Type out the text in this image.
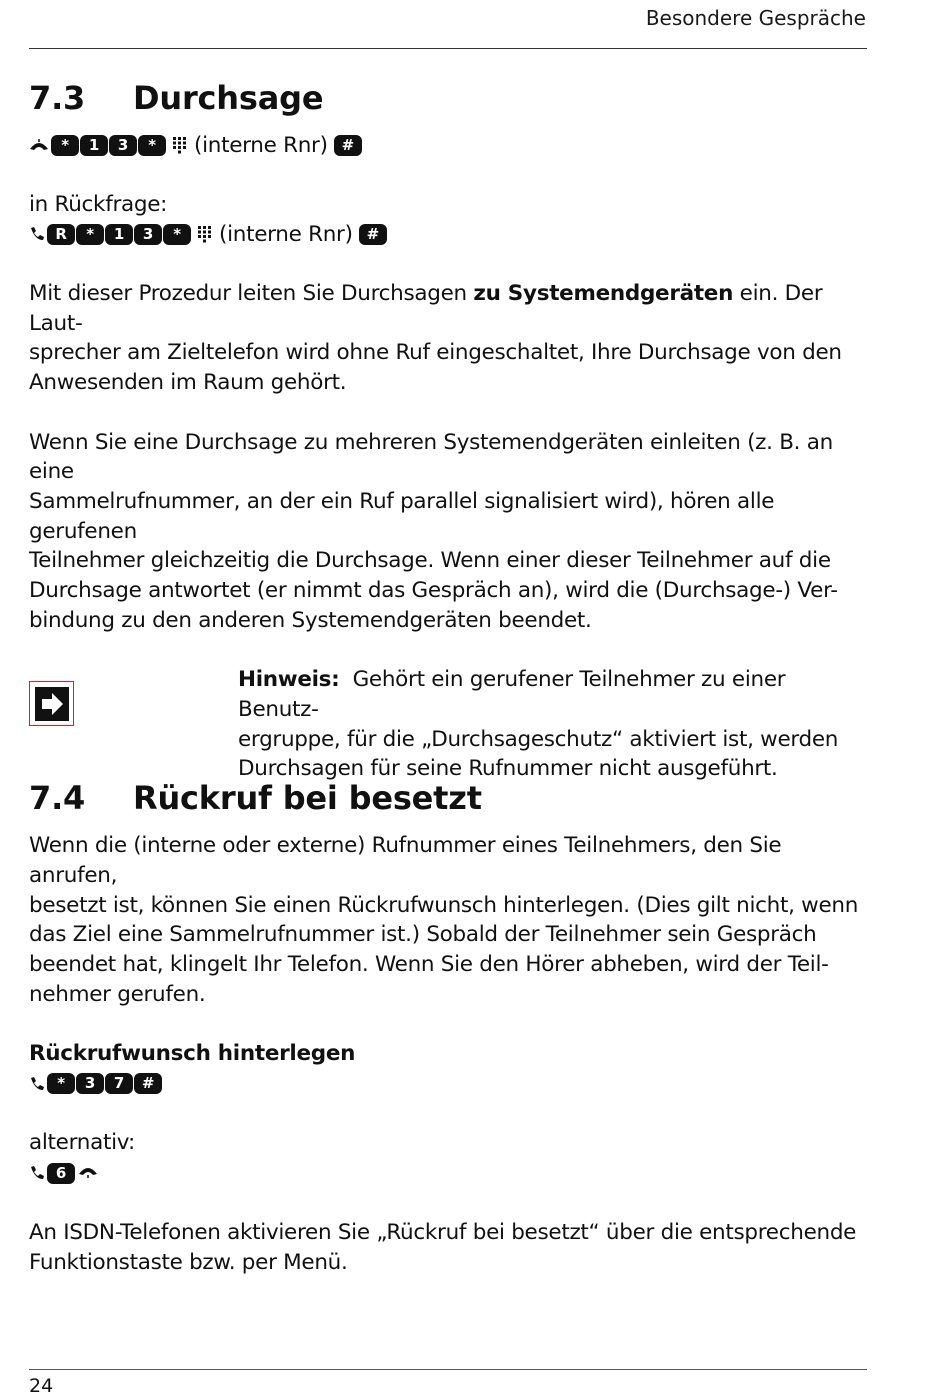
Besondere Gespräche
7.3	Durchsage
*	1	3	*	(interne Rnr) #

in Rückfrage:

R	*	1	3	*	(interne Rnr) #

Mit dieser Prozedur leiten Sie Durchsagen zu Systemendgeräten ein. Der Laut-
sprecher am Zieltelefon wird ohne Ruf eingeschaltet, Ihre Durchsage von den
Anwesenden im Raum gehört.

Wenn Sie eine Durchsage zu mehreren Systemendgeräten einleiten (z. B. an eine
Sammelrufnummer, an der ein Ruf parallel signalisiert wird), hören alle gerufenen
Teilnehmer gleichzeitig die Durchsage. Wenn einer dieser Teilnehmer auf die
Durchsage antwortet (er nimmt das Gespräch an), wird die (Durchsage-) Ver-
bindung zu den anderen Systemendgeräten beendet.

Hinweis: Gehört ein gerufener Teilnehmer zu einer Benutz-
ergruppe, für die „Durchsageschutz“ aktiviert ist, werden
Durchsagen für seine Rufnummer nicht ausgeführt.

7.4	Rückruf bei besetzt

Wenn die (interne oder externe) Rufnummer eines Teilnehmers, den Sie anrufen,
besetzt ist, können Sie einen Rückrufwunsch hinterlegen. (Dies gilt nicht, wenn
das Ziel eine Sammelrufnummer ist.) Sobald der Teilnehmer sein Gespräch
beendet hat, klingelt Ihr Telefon. Wenn Sie den Hörer abheben, wird der Teil-
nehmer gerufen.

Rückrufwunsch hinterlegen

*	3	7	#

alternativ:

6

An ISDN-Telefonen aktivieren Sie „Rückruf bei besetzt“ über die entsprechende
Funktionstaste bzw. per Menü.

24
